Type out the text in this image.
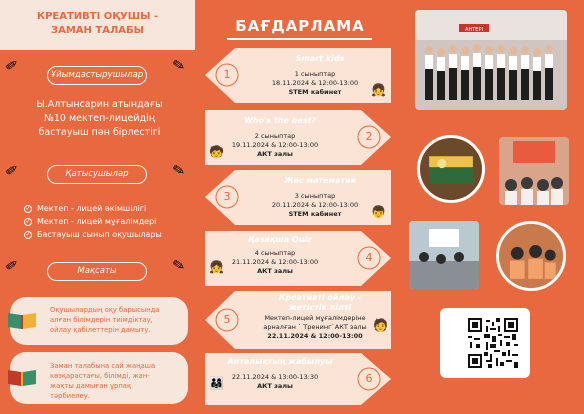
КРЕАТИВТІ ОҚУШЫ -
ЗАМАН ТАЛАБЫ
✏	✏
Ұйымдастырушылар
Ы.Алтынсарин атындағы
№10 мектеп-лицейдің
бастауыш пән бірлестігі
✏	✏
Қатысушылар
✓ Мектеп - лицей әкімшілігі
✓ Мектеп - лицей мұғалімдері
✓ Бастауыш сынып оқушылары
✏	✏
Мақсаты
Оқушылардың оқу барысында
алған білімдерін тиімдіктау,
ойлау қабілеттерін дамыту.
Заман талабына сай жаңаша
көзқарастағы, білімді, жан-
жақты дамыған ұрпақ тәрбиелеу.
БАҒДАРЛАМА
1
Smart kids
1 сыныптар
18.11.2024 & 12:00-13:00
STEM кабинет	👧
2
Who's the best?
2 сыныптар
19.11.2024 & 12:00-13:00
АКТ залы
🧒
3
Жас математик
3 сыныптар
20.11.2024 & 12:00-13:00
STEM кабинет	👦
4
Қазақша Quiz
4 сыныптар
21.11.2024 & 12:00-13:00
АКТ залы
👧
5
Креативті ойлау -
жетістік кілті
Мектеп-лицей мұғалімдеріне
арналған ` Тренинг`АКТ залы
22.11.2024 & 12:00-13:00
🧑
6
Апталықтың жабылуы
22.11.2024 & 13:00-13:30
АКТ залы
👨‍👩‍👧
АНТЕРІ
